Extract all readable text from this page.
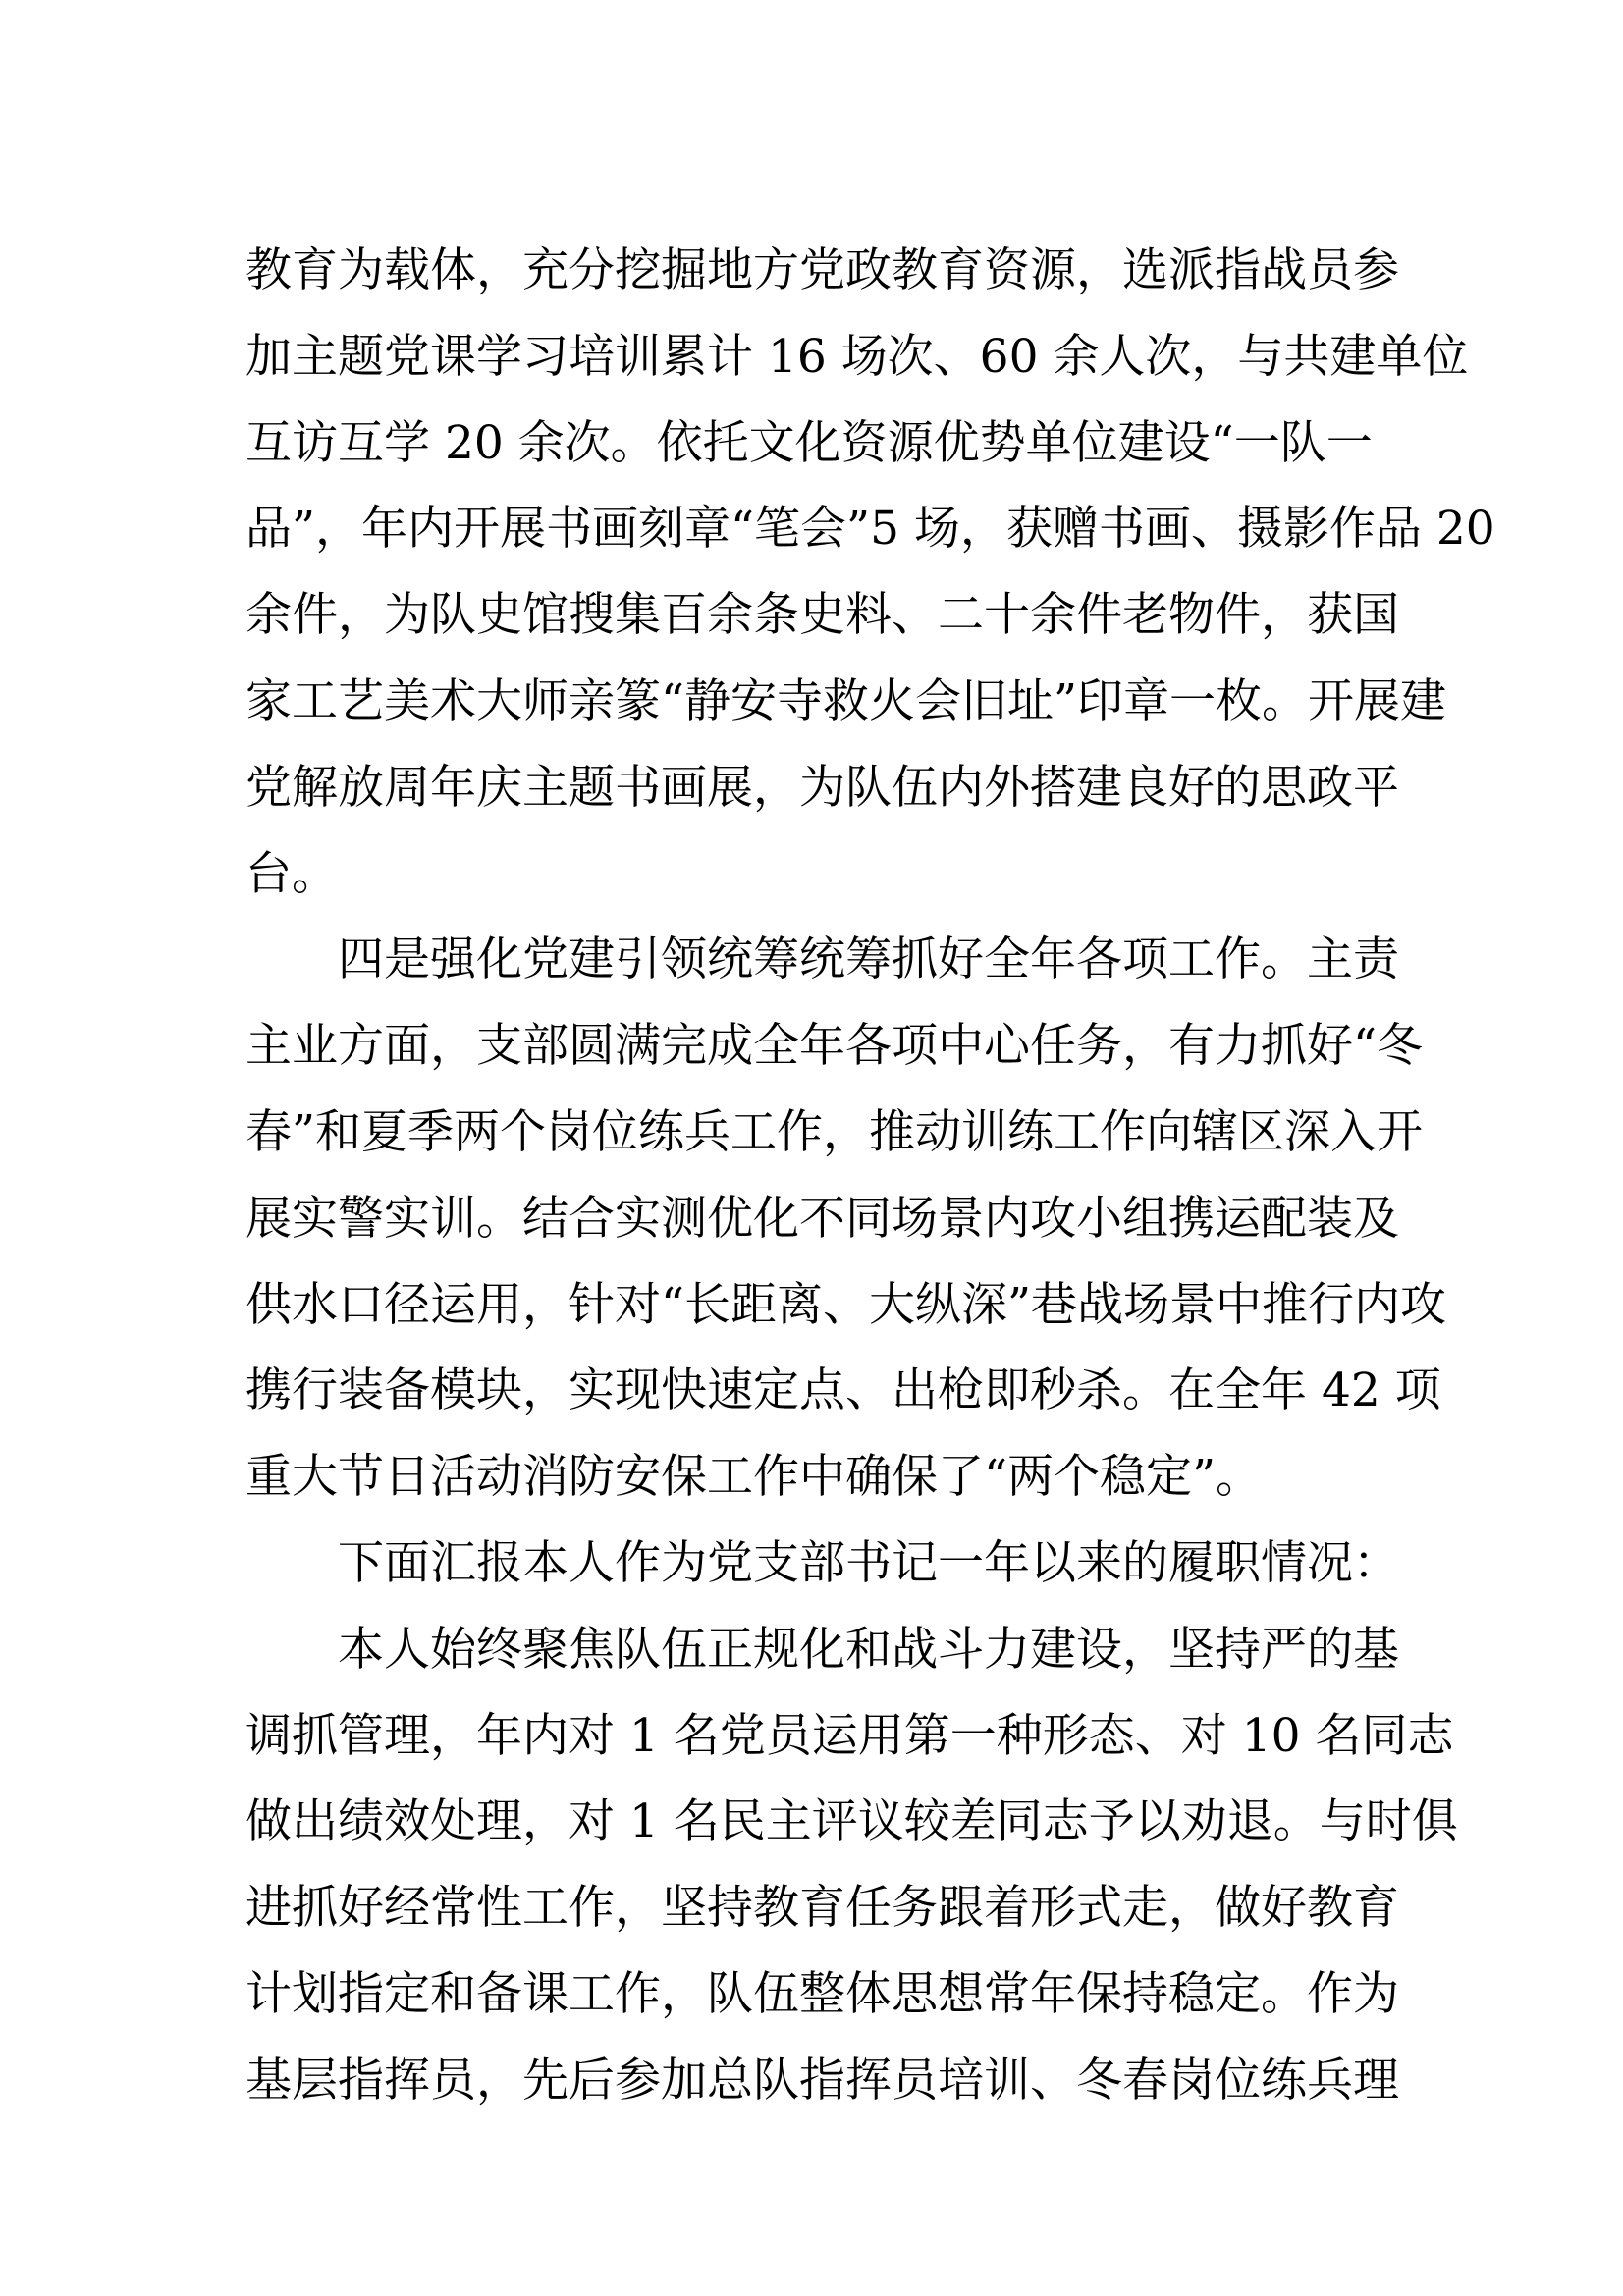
教育为载体，充分挖掘地方党政教育资源，选派指战员参
加主题党课学习培训累计 16 场次、60 余人次，与共建单位
互访互学 20 余次。依托文化资源优势单位建设“一队一
品”，年内开展书画刻章“笔会”5 场，获赠书画、摄影作品 20
余件，为队史馆搜集百余条史料、二十余件老物件，获国
家工艺美术大师亲篆“静安寺救火会旧址”印章一枚。开展建
党解放周年庆主题书画展，为队伍内外搭建良好的思政平
台。
四是强化党建引领统筹统筹抓好全年各项工作。主责
主业方面，支部圆满完成全年各项中心任务，有力抓好“冬
春”和夏季两个岗位练兵工作，推动训练工作向辖区深入开
展实警实训。结合实测优化不同场景内攻小组携运配装及
供水口径运用，针对“长距离、大纵深”巷战场景中推行内攻
携行装备模块，实现快速定点、出枪即秒杀。在全年 42 项
重大节日活动消防安保工作中确保了“两个稳定”。
下面汇报本人作为党支部书记一年以来的履职情况：
本人始终聚焦队伍正规化和战斗力建设，坚持严的基
调抓管理，年内对 1 名党员运用第一种形态、对 10 名同志
做出绩效处理，对 1 名民主评议较差同志予以劝退。与时俱
进抓好经常性工作，坚持教育任务跟着形式走，做好教育
计划指定和备课工作，队伍整体思想常年保持稳定。作为
基层指挥员，先后参加总队指挥员培训、冬春岗位练兵理
